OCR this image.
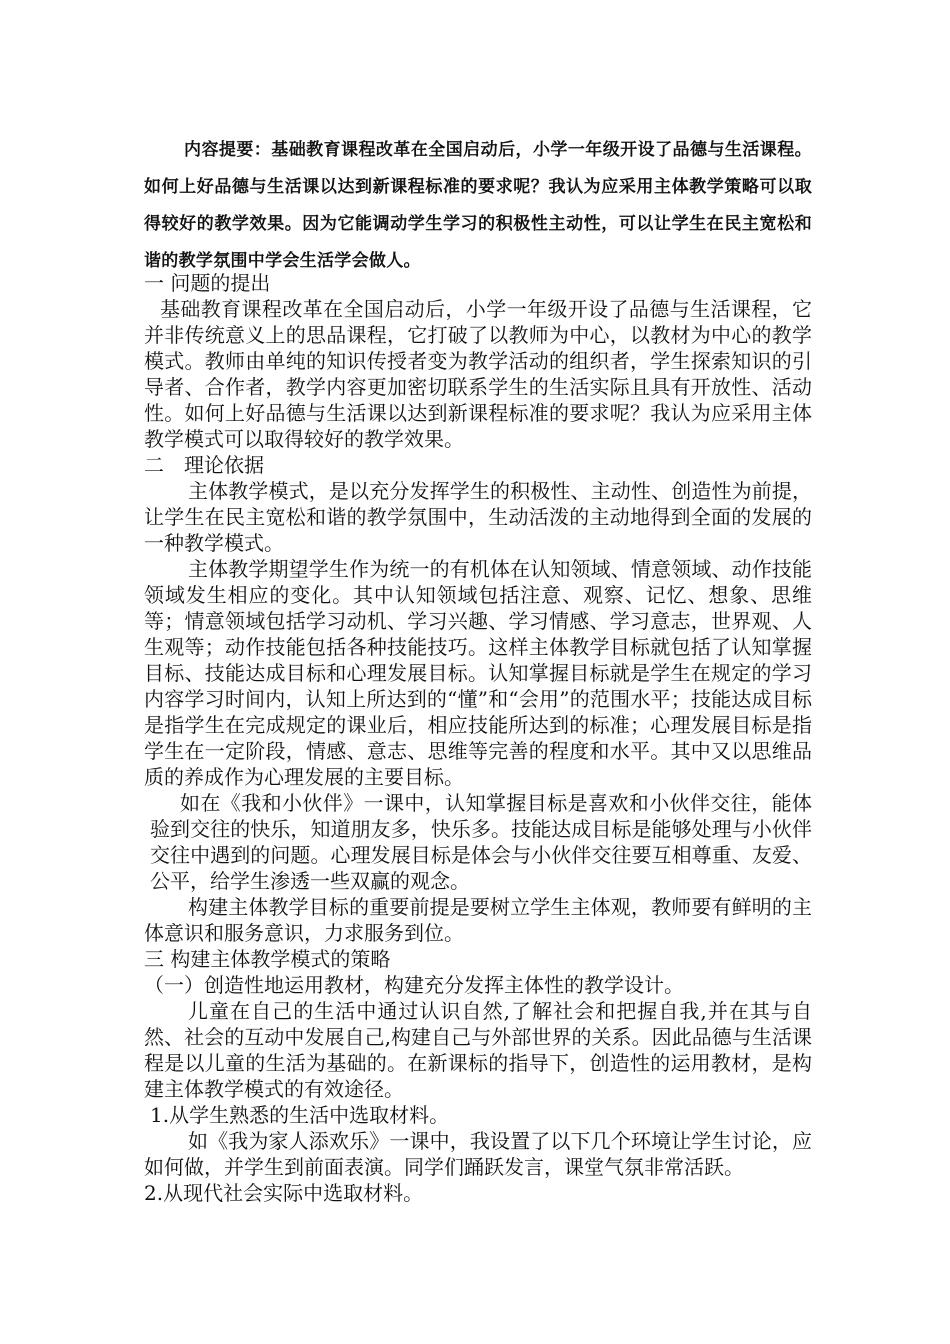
内容提要：基础教育课程改革在全国启动后，小学一年级开设了品德与生活课程。如何上好品德与生活课以达到新课程标准的要求呢？我认为应采用主体教学策略可以取得较好的教学效果。因为它能调动学生学习的积极性主动性，可以让学生在民主宽松和谐的教学氛围中学会生活学会做人。

一 问题的提出

基础教育课程改革在全国启动后，小学一年级开设了品德与生活课程，它并非传统意义上的思品课程，它打破了以教师为中心，以教材为中心的教学模式。教师由单纯的知识传授者变为教学活动的组织者，学生探索知识的引导者、合作者，教学内容更加密切联系学生的生活实际且具有开放性、活动性。如何上好品德与生活课以达到新课程标准的要求呢？我认为应采用主体教学模式可以取得较好的教学效果。

二　理论依据

主体教学模式，是以充分发挥学生的积极性、主动性、创造性为前提，让学生在民主宽松和谐的教学氛围中，生动活泼的主动地得到全面的发展的一种教学模式。

主体教学期望学生作为统一的有机体在认知领域、情意领域、动作技能领域发生相应的变化。其中认知领域包括注意、观察、记忆、想象、思维等；情意领域包括学习动机、学习兴趣、学习情感、学习意志，世界观、人生观等；动作技能包括各种技能技巧。这样主体教学目标就包括了认知掌握目标、技能达成目标和心理发展目标。认知掌握目标就是学生在规定的学习内容学习时间内，认知上所达到的“懂”和“会用”的范围水平；技能达成目标是指学生在完成规定的课业后，相应技能所达到的标准；心理发展目标是指学生在一定阶段，情感、意志、思维等完善的程度和水平。其中又以思维品质的养成作为心理发展的主要目标。

如在《我和小伙伴》一课中，认知掌握目标是喜欢和小伙伴交往，能体验到交往的快乐，知道朋友多，快乐多。技能达成目标是能够处理与小伙伴交往中遇到的问题。心理发展目标是体会与小伙伴交往要互相尊重、友爱、公平，给学生渗透一些双赢的观念。

构建主体教学目标的重要前提是要树立学生主体观，教师要有鲜明的主体意识和服务意识，力求服务到位。

三 构建主体教学模式的策略

（一）创造性地运用教材，构建充分发挥主体性的教学设计。

儿童在自己的生活中通过认识自然,了解社会和把握自我,并在其与自然、社会的互动中发展自己,构建自己与外部世界的关系。因此品德与生活课程是以儿童的生活为基础的。在新课标的指导下，创造性的运用教材，是构建主体教学模式的有效途径。

1.从学生熟悉的生活中选取材料。

如《我为家人添欢乐》一课中，我设置了以下几个环境让学生讨论，应如何做，并学生到前面表演。同学们踊跃发言，课堂气氛非常活跃。

2.从现代社会实际中选取材料。
